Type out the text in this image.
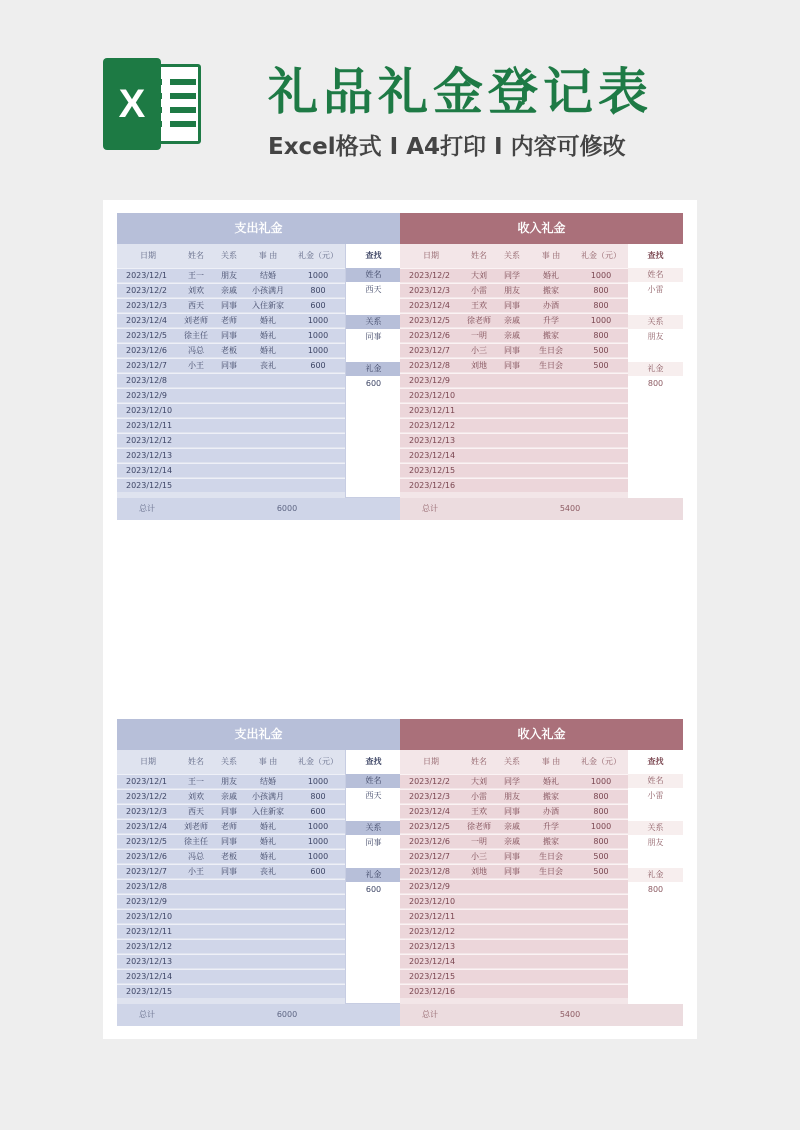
X	礼品礼金登记表
Excel格式 I A4打印 I 内容可修改
支出礼金
日期	姓名	关系	事 由	礼金（元）
2023/12/1	王一	朋友	结婚	1000
2023/12/2	刘欢	亲戚	小孩满月	800
2023/12/3	西天	同事	入住新家	600
2023/12/4	刘老师	老师	婚礼	1000
2023/12/5	徐主任	同事	婚礼	1000
2023/12/6	冯总	老板	婚礼	1000
2023/12/7	小王	同事	丧礼	600
2023/12/8
2023/12/9
2023/12/10
2023/12/11
2023/12/12
2023/12/13
2023/12/14
2023/12/15
查找
姓名
西天
关系
同事
礼金
600
总计	6000
收入礼金
日期	姓名	关系	事 由	礼金（元）
2023/12/2	大刘	同学	婚礼	1000
2023/12/3	小雷	朋友	搬家	800
2023/12/4	王欢	同事	办酒	800
2023/12/5	徐老师	亲戚	升学	1000
2023/12/6	一明	亲戚	搬家	800
2023/12/7	小三	同事	生日会	500
2023/12/8	刘地	同事	生日会	500
2023/12/9
2023/12/10
2023/12/11
2023/12/12
2023/12/13
2023/12/14
2023/12/15
2023/12/16
查找
姓名
小雷
关系
朋友
礼金
800
总计	5400
支出礼金
日期	姓名	关系	事 由	礼金（元）
2023/12/1	王一	朋友	结婚	1000
2023/12/2	刘欢	亲戚	小孩满月	800
2023/12/3	西天	同事	入住新家	600
2023/12/4	刘老师	老师	婚礼	1000
2023/12/5	徐主任	同事	婚礼	1000
2023/12/6	冯总	老板	婚礼	1000
2023/12/7	小王	同事	丧礼	600
2023/12/8
2023/12/9
2023/12/10
2023/12/11
2023/12/12
2023/12/13
2023/12/14
2023/12/15
查找
姓名
西天
关系
同事
礼金
600
总计	6000
收入礼金
日期	姓名	关系	事 由	礼金（元）
2023/12/2	大刘	同学	婚礼	1000
2023/12/3	小雷	朋友	搬家	800
2023/12/4	王欢	同事	办酒	800
2023/12/5	徐老师	亲戚	升学	1000
2023/12/6	一明	亲戚	搬家	800
2023/12/7	小三	同事	生日会	500
2023/12/8	刘地	同事	生日会	500
2023/12/9
2023/12/10
2023/12/11
2023/12/12
2023/12/13
2023/12/14
2023/12/15
2023/12/16
查找
姓名
小雷
关系
朋友
礼金
800
总计	5400
